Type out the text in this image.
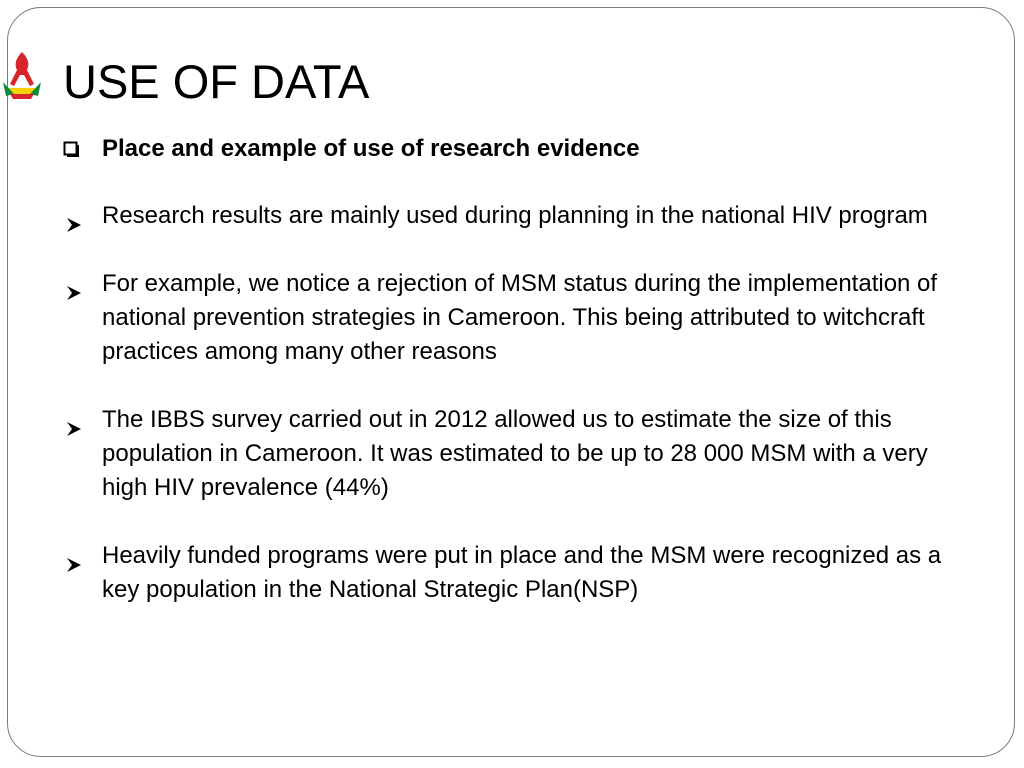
USE OF DATA
Place and example of use of research evidence
Research results are mainly used during planning in the national HIV program
For example, we notice a rejection of MSM status during the implementation of national prevention strategies in Cameroon. This being attributed to witchcraft practices among many other reasons
The IBBS survey carried out in 2012 allowed us to estimate the size of this population in Cameroon. It was estimated to be up to 28 000 MSM with a very high HIV prevalence (44%)
Heavily funded programs were put in place and the MSM were recognized as a key population in the National Strategic Plan(NSP)
